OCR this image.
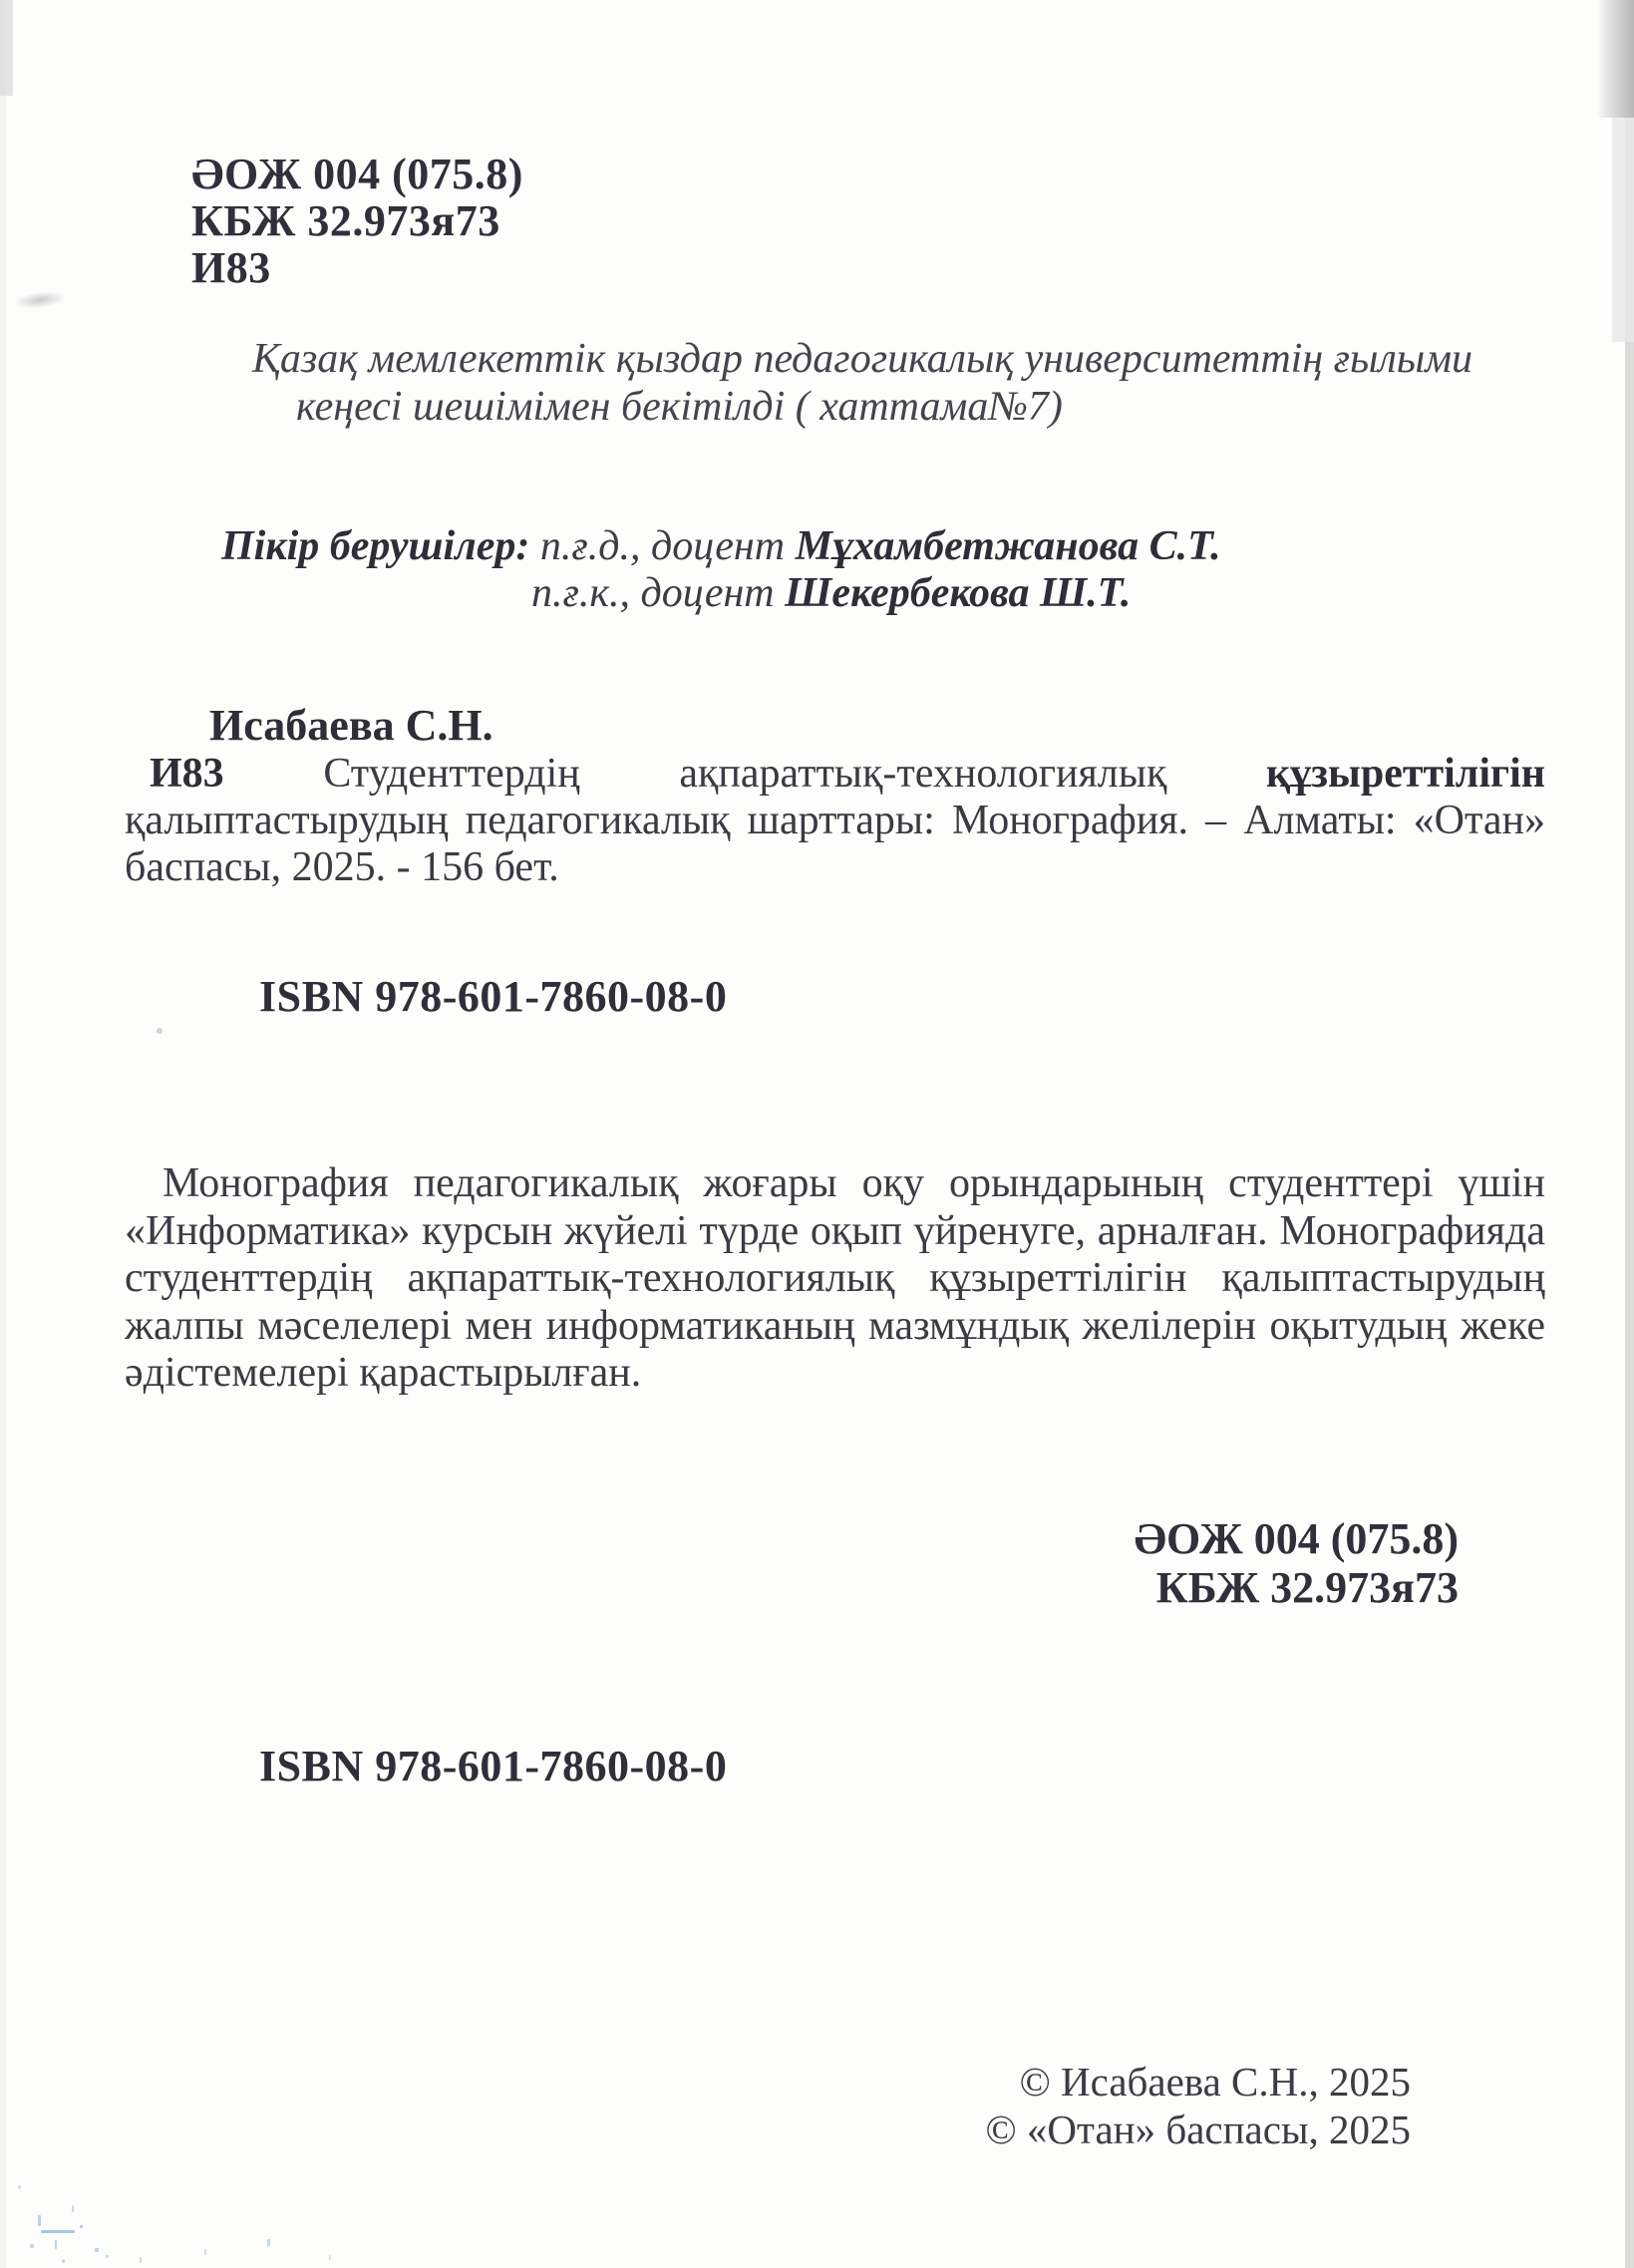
ӘОЖ 004 (075.8)
КБЖ 32.973я73
И83
Қазақ мемлекеттік қыздар педагогикалық университеттің ғылыми
кеңесі шешімімен бекітілді ( хаттама№7)
Пікір берушілер: п.ғ.д., доцент Мұхамбетжанова С.Т.
п.ғ.к., доцент Шекербекова Ш.Т.
Исабаева С.Н.
И83 Студенттердің ақпараттық-технологиялық құзыреттілігін
қалыптастырудың педагогикалық шарттары: Монография. – Алматы: «Отан»
баспасы, 2025. - 156 бет.
ISBN 978-601-7860-08-0
Монография педагогикалық жоғары оқу орындарының студенттері үшін
«Информатика» курсын жүйелі түрде оқып үйренуге, арналған. Монографияда
студенттердің ақпараттық-технологиялық құзыреттілігін қалыптастырудың
жалпы мәселелері мен информатиканың мазмұндық желілерін оқытудың жеке
әдістемелері қарастырылған.
ӘОЖ 004 (075.8)
КБЖ 32.973я73
ISBN 978-601-7860-08-0
© Исабаева С.Н., 2025
© «Отан» баспасы, 2025
